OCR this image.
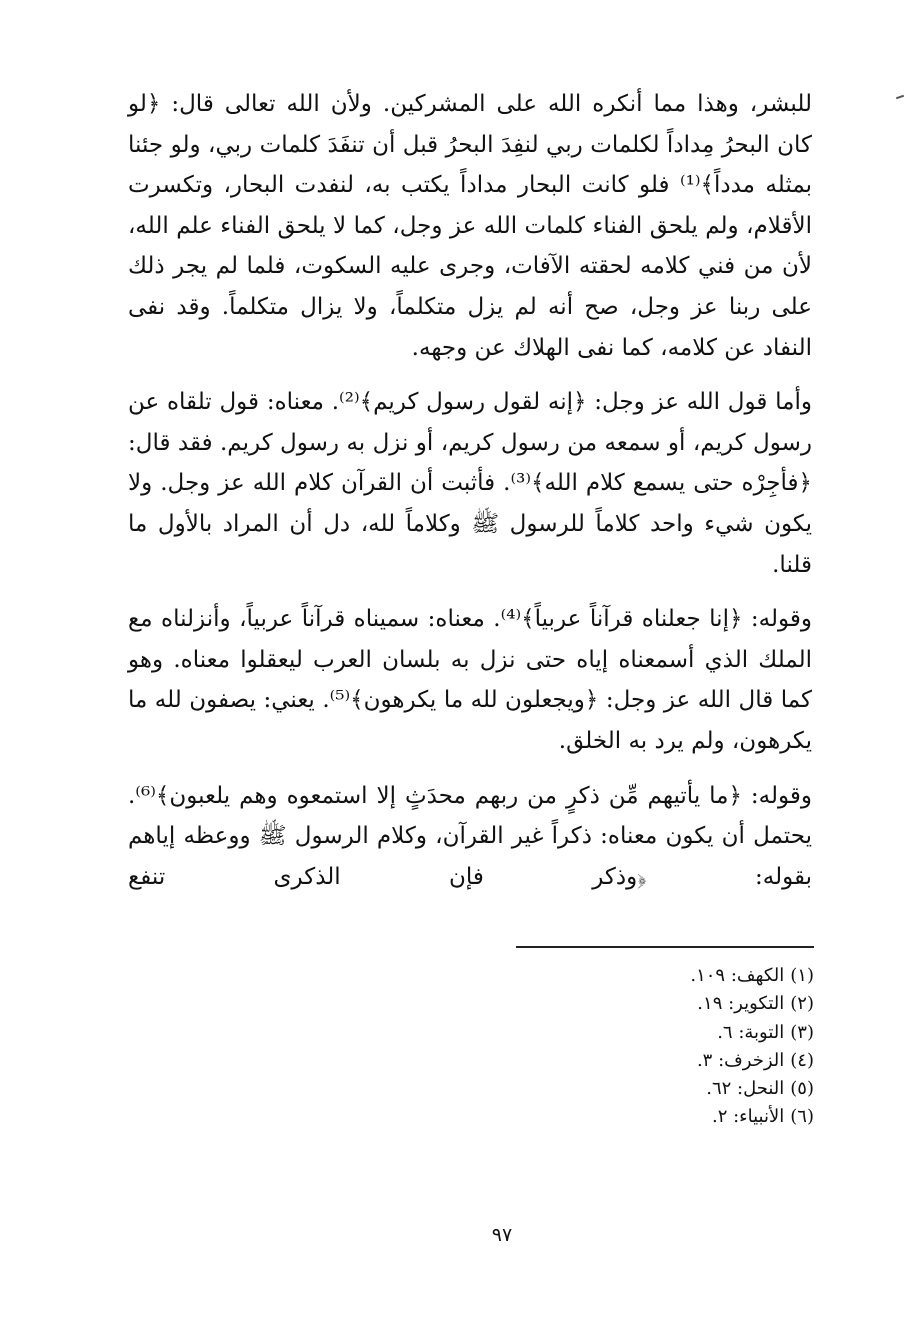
للبشر، وهذا مما أنكره الله على المشركين. ولأن الله تعالى قال: ﴿لو كان البحرُ مِداداً لكلمات ربي لنفِدَ البحرُ قبل أن تنفَدَ كلمات ربي، ولو جئنا بمثله مدداً﴾⁽¹⁾ فلو كانت البحار مداداً يكتب به، لنفدت البحار، وتكسرت الأقلام، ولم يلحق الفناء كلمات الله عز وجل، كما لا يلحق الفناء علم الله، لأن من فني كلامه لحقته الآفات، وجرى عليه السكوت، فلما لم يجر ذلك على ربنا عز وجل، صح أنه لم يزل متكلماً، ولا يزال متكلماً. وقد نفى النفاد عن كلامه، كما نفى الهلاك عن وجهه.

وأما قول الله عز وجل: ﴿إنه لقول رسول كريم﴾⁽²⁾. معناه: قول تلقاه عن رسول كريم، أو سمعه من رسول كريم، أو نزل به رسول كريم. فقد قال: ﴿فأجِرْه حتى يسمع كلام الله﴾⁽³⁾. فأثبت أن القرآن كلام الله عز وجل. ولا يكون شيء واحد كلاماً للرسول ﷺ وكلاماً لله، دل أن المراد بالأول ما قلنا.

وقوله: ﴿إنا جعلناه قرآناً عربياً﴾⁽⁴⁾. معناه: سميناه قرآناً عربياً، وأنزلناه مع الملك الذي أسمعناه إياه حتى نزل به بلسان العرب ليعقلوا معناه. وهو كما قال الله عز وجل: ﴿ويجعلون لله ما يكرهون﴾⁽⁵⁾. يعني: يصفون لله ما يكرهون، ولم يرد به الخلق.

وقوله: ﴿ما يأتيهم مِّن ذكرٍ من ربهم محدَثٍ إلا استمعوه وهم يلعبون﴾⁽⁶⁾. يحتمل أن يكون معناه: ذكراً غير القرآن، وكلام الرسول ﷺ ووعظه إياهم بقوله: ﴿وذكر فإن الذكرى تنفع

(١)الكهف: ١٠٩.
(٢)التكوير: ١٩.
(٣)التوبة: ٦.
(٤)الزخرف: ٣.
(٥)النحل: ٦٢.
(٦)الأنبياء: ٢.
٩٧
